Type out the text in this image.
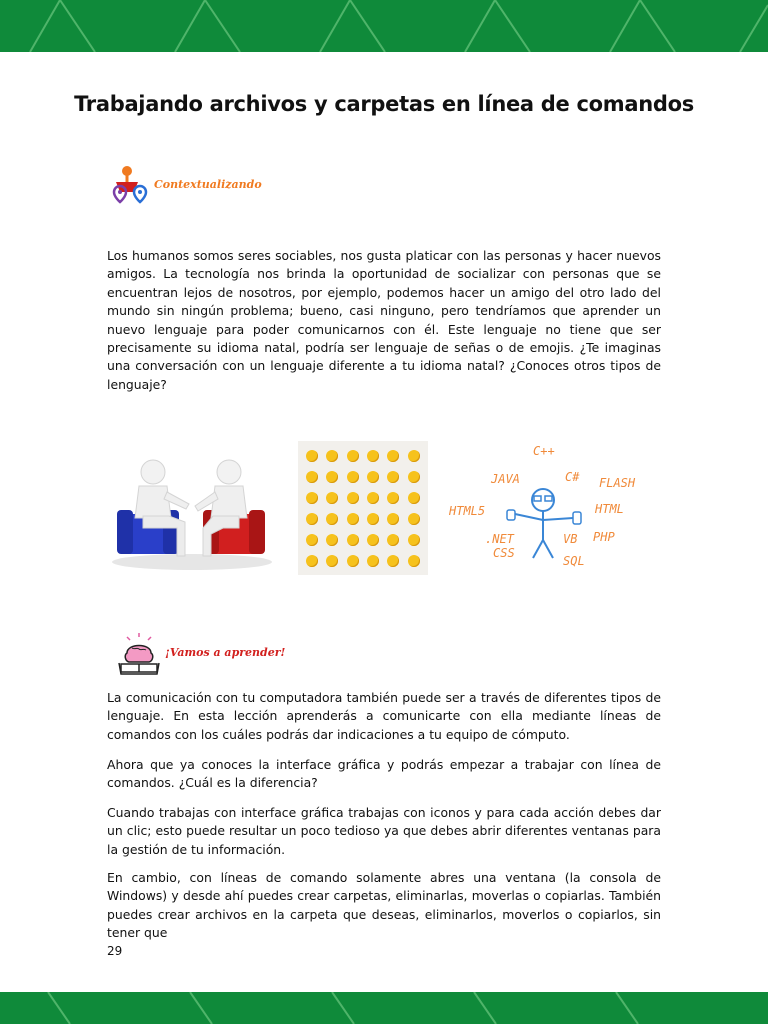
Trabajando archivos y carpetas en línea de comandos
Contextualizando
Los humanos somos seres sociables, nos gusta platicar con las personas y hacer nuevos amigos. La tecnología nos brinda la oportunidad de socializar con personas que se encuentran lejos de nosotros, por ejemplo, podemos hacer un amigo del otro lado del mundo sin ningún problema; bueno, casi ninguno, pero tendríamos que aprender un nuevo lenguaje para poder comunicarnos con él. Este lenguaje no tiene que ser precisamente su idioma natal, podría ser lenguaje de señas o de emojis. ¿Te imaginas una conversación con un lenguaje diferente a tu idioma natal? ¿Conoces otros tipos de lenguaje?
C++
JAVA	C# FLASH
HTML5	HTML
.NET	VB PHP
CSS
SQL
¡Vamos a aprender!
La comunicación con tu computadora también puede ser a través de diferentes tipos de lenguaje. En esta lección aprenderás a comunicarte con ella mediante líneas de comandos con los cuáles podrás dar indicaciones a tu equipo de cómputo.
Ahora que ya conoces la interface gráfica y podrás empezar a trabajar con línea de comandos. ¿Cuál es la diferencia?
Cuando trabajas con interface gráfica trabajas con iconos y para cada acción debes dar un clic; esto puede resultar un poco tedioso ya que debes abrir diferentes ventanas para la gestión de tu información.
En cambio, con líneas de comando solamente abres una ventana (la consola de Windows) y desde ahí puedes crear carpetas, eliminarlas, moverlas o copiarlas. También puedes crear archivos en la carpeta que deseas, eliminarlos, moverlos o copiarlos, sin tener que
29
